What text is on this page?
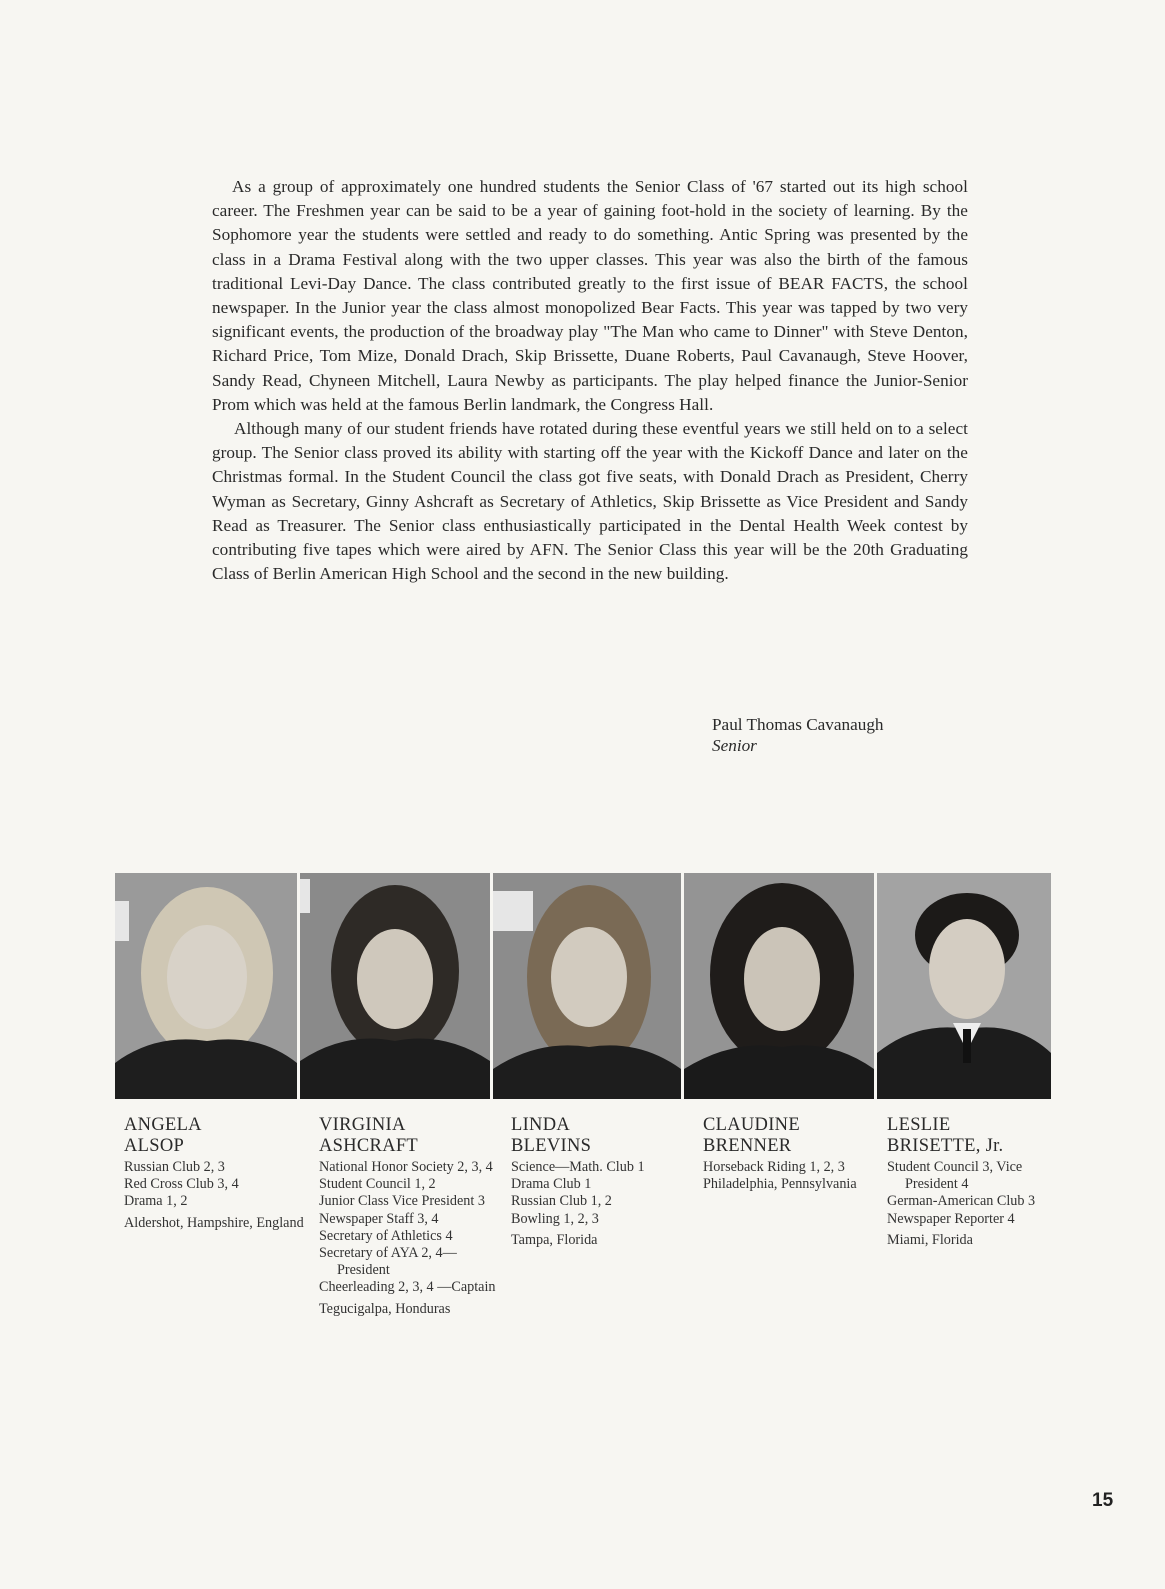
As a group of approximately one hundred students the Senior Class of '67 started out its high school career. The Freshmen year can be said to be a year of gaining foot-hold in the society of learning. By the Sophomore year the students were settled and ready to do something. Antic Spring was presented by the class in a Drama Festival along with the two upper classes. This year was also the birth of the famous traditional Levi-Day Dance. The class contributed greatly to the first issue of BEAR FACTS, the school newspaper. In the Junior year the class almost monopolized Bear Facts. This year was tapped by two very significant events, the production of the broadway play "The Man who came to Dinner" with Steve Denton, Richard Price, Tom Mize, Donald Drach, Skip Brissette, Duane Roberts, Paul Cavanaugh, Steve Hoover, Sandy Read, Chyneen Mitchell, Laura Newby as participants. The play helped finance the Junior-Senior Prom which was held at the famous Berlin landmark, the Congress Hall.

Although many of our student friends have rotated during these eventful years we still held on to a select group. The Senior class proved its ability with starting off the year with the Kickoff Dance and later on the Christmas formal. In the Student Council the class got five seats, with Donald Drach as President, Cherry Wyman as Secretary, Ginny Ashcraft as Secretary of Athletics, Skip Brissette as Vice President and Sandy Read as Treasurer. The Senior class enthusiastically participated in the Dental Health Week contest by contributing five tapes which were aired by AFN. The Senior Class this year will be the 20th Graduating Class of Berlin American High School and the second in the new building.

Paul Thomas Cavanaugh
Senior
ANGELA
ALSOP
Russian Club 2, 3
Red Cross Club 3, 4
Drama 1, 2
Aldershot, Hampshire, England
VIRGINIA
ASHCRAFT
National Honor Society 2, 3, 4
Student Council 1, 2
Junior Class Vice President 3
Newspaper Staff 3, 4
Secretary of Athletics 4
Secretary of AYA 2, 4—President
Cheerleading 2, 3, 4 —Captain
Tegucigalpa, Honduras
LINDA
BLEVINS
Science—Math. Club 1
Drama Club 1
Russian Club 1, 2
Bowling 1, 2, 3
Tampa, Florida
CLAUDINE
BRENNER
Horseback Riding 1, 2, 3
Philadelphia, Pennsylvania
LESLIE
BRISETTE, Jr.
Student Council 3, Vice President 4
German-American Club 3
Newspaper Reporter 4
Miami, Florida
15
